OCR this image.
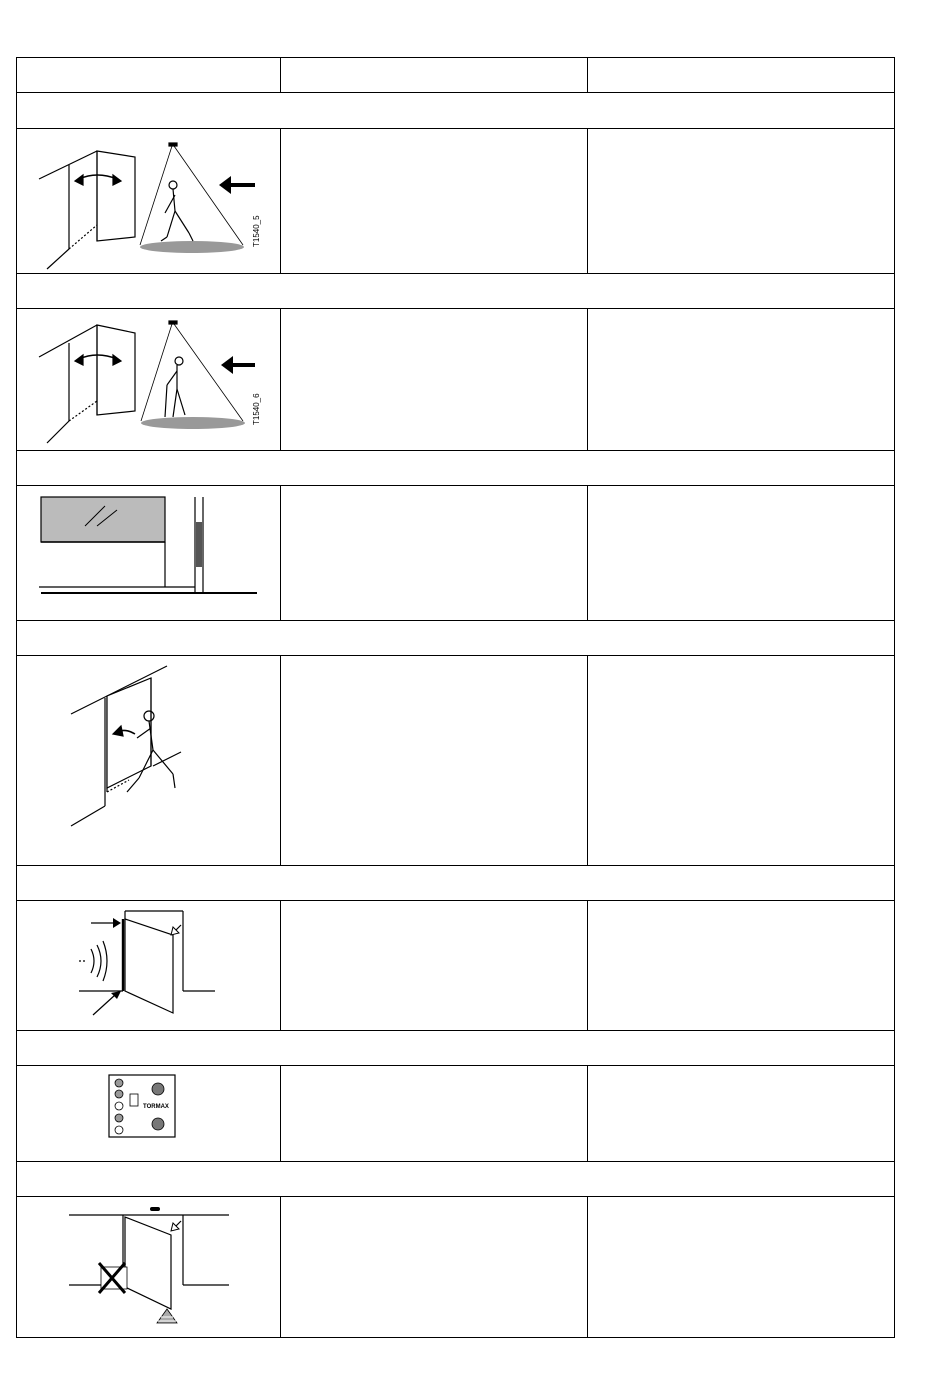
T1540_5		

T1540_6		

TORMAX		
